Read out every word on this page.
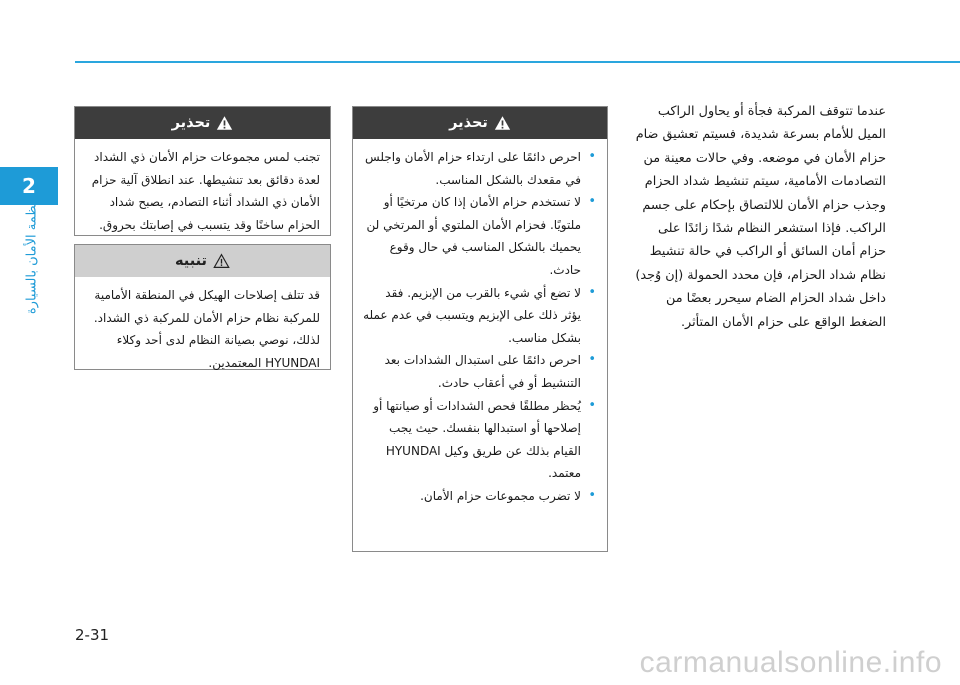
2
ﺃﻧﻈﻤﺔ ﺍﻷﻣﺎﻥ ﺑﺎﻟﺴﻴﺎﺭﺓ
ﻋﻨﺪﻣﺎ ﺗﺘﻮﻗﻒ ﺍﻟﻤﺮﻛﺒﺔ ﻓﺠﺄﺓ ﺃﻭ ﻳﺤﺎﻭﻝ ﺍﻟﺮﺍﻛﺐ ﺍﻟﻤﻴﻞ ﻟﻸﻣﺎﻡ ﺑﺴﺮﻋﺔ ﺷﺪﻳﺪﺓ، ﻓﺴﻴﺘﻢ ﺗﻌﺸﻴﻖ ﺿﺎﻡ ﺣﺰﺍﻡ ﺍﻷﻣﺎﻥ ﻓﻲ ﻣﻮﺿﻌﻪ. ﻭﻓﻲ ﺣﺎﻻﺕ ﻣﻌﻴﻨﺔ ﻣﻦ ﺍﻟﺘﺼﺎﺩﻣﺎﺕ ﺍﻷﻣﺎﻣﻴﺔ، ﺳﻴﺘﻢ ﺗﻨﺸﻴﻂ ﺷﺪﺍﺩ ﺍﻟﺤﺰﺍﻡ ﻭﺟﺬﺏ ﺣﺰﺍﻡ ﺍﻷﻣﺎﻥ ﻟﻼﻟﺘﺼﺎﻕ ﺑﺈﺣﻜﺎﻡ ﻋﻠﻰ ﺟﺴﻢ ﺍﻟﺮﺍﻛﺐ. ﻓﺈﺫﺍ ﺍﺳﺘﺸﻌﺮ ﺍﻟﻨﻈﺎﻡ ﺷﺪًﺍ ﺯﺍﺋﺪًﺍ ﻋﻠﻰ ﺣﺰﺍﻡ ﺃﻣﺎﻥ ﺍﻟﺴﺎﺋﻖ ﺃﻭ ﺍﻟﺮﺍﻛﺐ ﻓﻲ ﺣﺎﻟﺔ ﺗﻨﺸﻴﻂ ﻧﻈﺎﻡ ﺷﺪﺍﺩ ﺍﻟﺤﺰﺍﻡ، ﻓﺈﻥ ﻣﺤﺪﺩ ﺍﻟﺤﻤﻮﻟﺔ (ﺇﻥ ﻭُﺟﺪ) ﺩﺍﺧﻞ ﺷﺪﺍﺩ ﺍﻟﺤﺰﺍﻡ ﺍﻟﻀﺎﻡ ﺳﻴﺤﺮﺭ ﺑﻌﻀًﺎ ﻣﻦ ﺍﻟﻀﻐﻂ ﺍﻟﻮﺍﻗﻊ ﻋﻠﻰ ﺣﺰﺍﻡ ﺍﻷﻣﺎﻥ ﺍﻟﻤﺘﺄﺛﺮ.
ﺗﺤﺬﻳﺮ
• ﺍﺣﺮﺹ ﺩﺍﺋﻤًﺎ ﻋﻠﻰ ﺍﺭﺗﺪﺍﺀ ﺣﺰﺍﻡ ﺍﻷﻣﺎﻥ ﻭﺍﺟﻠﺲ ﻓﻲ ﻣﻘﻌﺪﻙ ﺑﺎﻟﺸﻜﻞ ﺍﻟﻤﻨﺎﺳﺐ.
• ﻻ ﺗﺴﺘﺨﺪﻡ ﺣﺰﺍﻡ ﺍﻷﻣﺎﻥ ﺇﺫﺍ ﻛﺎﻥ ﻣﺮﺗﺨﻴًﺎ ﺃﻭ ﻣﻠﺘﻮﻳًﺎ. ﻓﺤﺰﺍﻡ ﺍﻷﻣﺎﻥ ﺍﻟﻤﻠﺘﻮﻱ ﺃﻭ ﺍﻟﻤﺮﺗﺨﻲ ﻟﻦ ﻳﺤﻤﻴﻚ ﺑﺎﻟﺸﻜﻞ ﺍﻟﻤﻨﺎﺳﺐ ﻓﻲ ﺣﺎﻝ ﻭﻗﻮﻉ ﺣﺎﺩﺙ.
• ﻻ ﺗﻀﻊ ﺃﻱ ﺷﻲﺀ ﺑﺎﻟﻘﺮﺏ ﻣﻦ ﺍﻹﺑﺰﻳﻢ. ﻓﻘﺪ ﻳﺆﺛﺮ ﺫﻟﻚ ﻋﻠﻰ ﺍﻹﺑﺰﻳﻢ ﻭﻳﺘﺴﺒﺐ ﻓﻲ ﻋﺪﻡ ﻋﻤﻠﻪ ﺑﺸﻜﻞ ﻣﻨﺎﺳﺐ.
• ﺍﺣﺮﺹ ﺩﺍﺋﻤًﺎ ﻋﻠﻰ ﺍﺳﺘﺒﺪﺍﻝ ﺍﻟﺸﺪﺍﺩﺍﺕ ﺑﻌﺪ ﺍﻟﺘﻨﺸﻴﻂ ﺃﻭ ﻓﻲ ﺃﻋﻘﺎﺏ ﺣﺎﺩﺙ.
• ﻳُﺤﻈﺮ ﻣﻄﻠﻘًﺎ ﻓﺤﺺ ﺍﻟﺸﺪﺍﺩﺍﺕ ﺃﻭ ﺻﻴﺎﻧﺘﻬﺎ ﺃﻭ ﺇﺻﻼﺣﻬﺎ ﺃﻭ ﺍﺳﺘﺒﺪﺍﻟﻬﺎ ﺑﻨﻔﺴﻚ. ﺣﻴﺚ ﻳﺠﺐ ﺍﻟﻘﻴﺎﻡ ﺑﺬﻟﻚ ﻋﻦ ﻃﺮﻳﻖ ﻭﻛﻴﻞ HYUNDAI ﻣﻌﺘﻤﺪ.
• ﻻ ﺗﻀﺮﺏ ﻣﺠﻤﻮﻋﺎﺕ ﺣﺰﺍﻡ ﺍﻷﻣﺎﻥ.
ﺗﺤﺬﻳﺮ
ﺗﺠﻨﺐ ﻟﻤﺲ ﻣﺠﻤﻮﻋﺎﺕ ﺣﺰﺍﻡ ﺍﻷﻣﺎﻥ ﺫﻱ ﺍﻟﺸﺪﺍﺩ ﻟﻌﺪﺓ ﺩﻗﺎﺋﻖ ﺑﻌﺪ ﺗﻨﺸﻴﻄﻬﺎ. ﻋﻨﺪ ﺍﻧﻄﻼﻕ ﺁﻟﻴﺔ ﺣﺰﺍﻡ ﺍﻷﻣﺎﻥ ﺫﻱ ﺍﻟﺸﺪﺍﺩ ﺃﺛﻨﺎﺀ ﺍﻟﺘﺼﺎﺩﻡ، ﻳﺼﺒﺢ ﺷﺪﺍﺩ ﺍﻟﺤﺰﺍﻡ ﺳﺎﺧﻨًﺎ ﻭﻗﺪ ﻳﺘﺴﺒﺐ ﻓﻲ ﺇﺻﺎﺑﺘﻚ ﺑﺤﺮﻭﻕ.
ﺗﻨﺒﻴﻪ
ﻗﺪ ﺗﺘﻠﻒ ﺇﺻﻼﺣﺎﺕ ﺍﻟﻬﻴﻜﻞ ﻓﻲ ﺍﻟﻤﻨﻄﻘﺔ ﺍﻷﻣﺎﻣﻴﺔ ﻟﻠﻤﺮﻛﺒﺔ ﻧﻈﺎﻡ ﺣﺰﺍﻡ ﺍﻷﻣﺎﻥ ﻟﻠﻤﺮﻛﺒﺔ ﺫﻱ ﺍﻟﺸﺪﺍﺩ. ﻟﺬﻟﻚ، ﻧﻮﺻﻲ ﺑﺼﻴﺎﻧﺔ ﺍﻟﻨﻈﺎﻡ ﻟﺪﻯ ﺃﺣﺪ ﻭﻛﻼﺀ HYUNDAI ﺍﻟﻤﻌﺘﻤﺪﻳﻦ.
2-31
carmanualsonline.info
